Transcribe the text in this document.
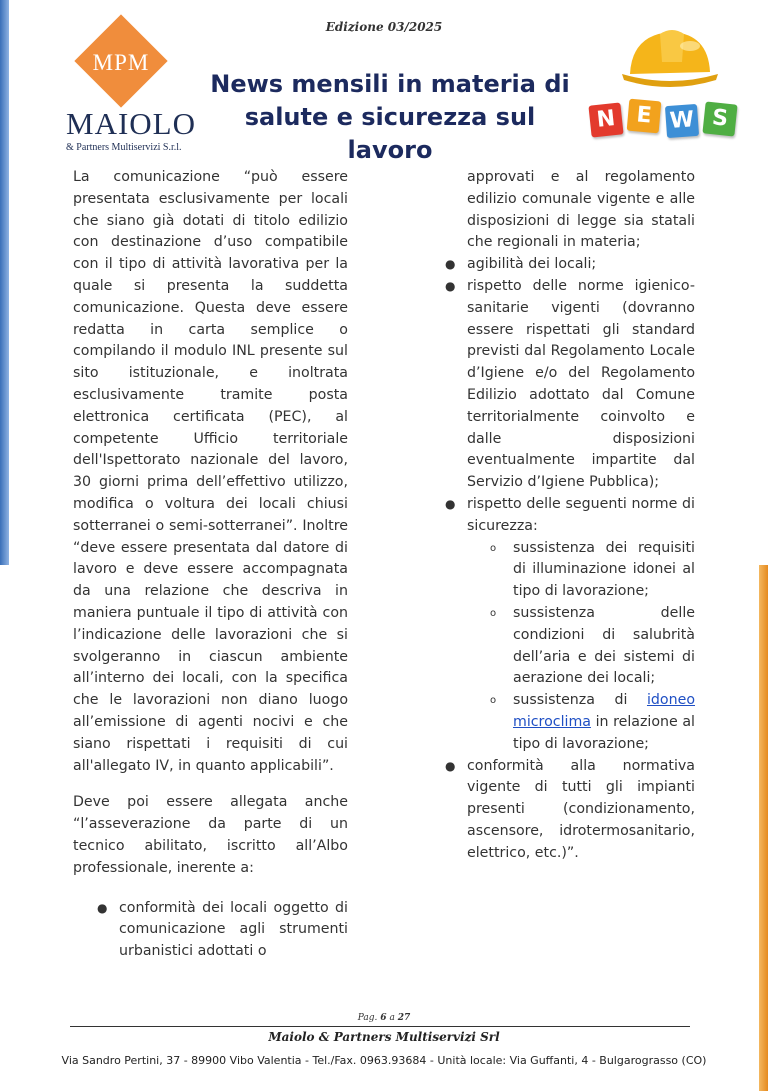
Edizione 03/2025
MPM
MAIOLO
& Partners Multiservizi S.r.l.
News mensili in materia di
salute e sicurezza sul lavoro
N E W S

La comunicazione “può essere presentata esclusivamente per locali che siano già dotati di titolo edilizio con destinazione d’uso compatibile con il tipo di attività lavorativa per la quale si presenta la suddetta comunicazione. Questa deve essere redatta in carta semplice o compilando il modulo INL presente sul sito istituzionale, e inoltrata esclusivamente tramite posta elettronica certificata (PEC), al competente Ufficio territoriale dell'Ispettorato nazionale del lavoro, 30 giorni prima dell’effettivo utilizzo, modifica o voltura dei locali chiusi sotterranei o semi-sotterranei”. Inoltre “deve essere presentata dal datore di lavoro e deve essere accompagnata da una relazione che descriva in maniera puntuale il tipo di attività con l’indicazione delle lavorazioni che si svolgeranno in ciascun ambiente all’interno dei locali, con la specifica che le lavorazioni non diano luogo all’emissione di agenti nocivi e che siano rispettati i requisiti di cui all'allegato IV, in quanto applicabili”.

Deve poi essere allegata anche “l’asseverazione da parte di un tecnico abilitato, iscritto all’Albo professionale, inerente a:

● conformità dei locali oggetto di comunicazione agli strumenti urbanistici adottati o
approvati e al regolamento edilizio comunale vigente e alle disposizioni di legge sia statali che regionali in materia;
● agibilità dei locali;
● rispetto delle norme igienico-sanitarie vigenti (dovranno essere rispettati gli standard previsti dal Regolamento Locale d’Igiene e/o del Regolamento Edilizio adottato dal Comune territorialmente coinvolto e dalle disposizioni eventualmente impartite dal Servizio d’Igiene Pubblica);
● rispetto delle seguenti norme di sicurezza:
o sussistenza dei requisiti di illuminazione idonei al tipo di lavorazione;
o sussistenza delle condizioni di salubrità dell’aria e dei sistemi di aerazione dei locali;
o sussistenza di idoneo microclima in relazione al tipo di lavorazione;
● conformità alla normativa vigente di tutti gli impianti presenti (condizionamento, ascensore, idrotermosanitario, elettrico, etc.)”.
Pag. 6 a 27
Maiolo & Partners Multiservizi Srl
Via Sandro Pertini, 37 - 89900 Vibo Valentia - Tel./Fax. 0963.93684 - Unità locale: Via Guffanti, 4 - Bulgarograsso (CO)
